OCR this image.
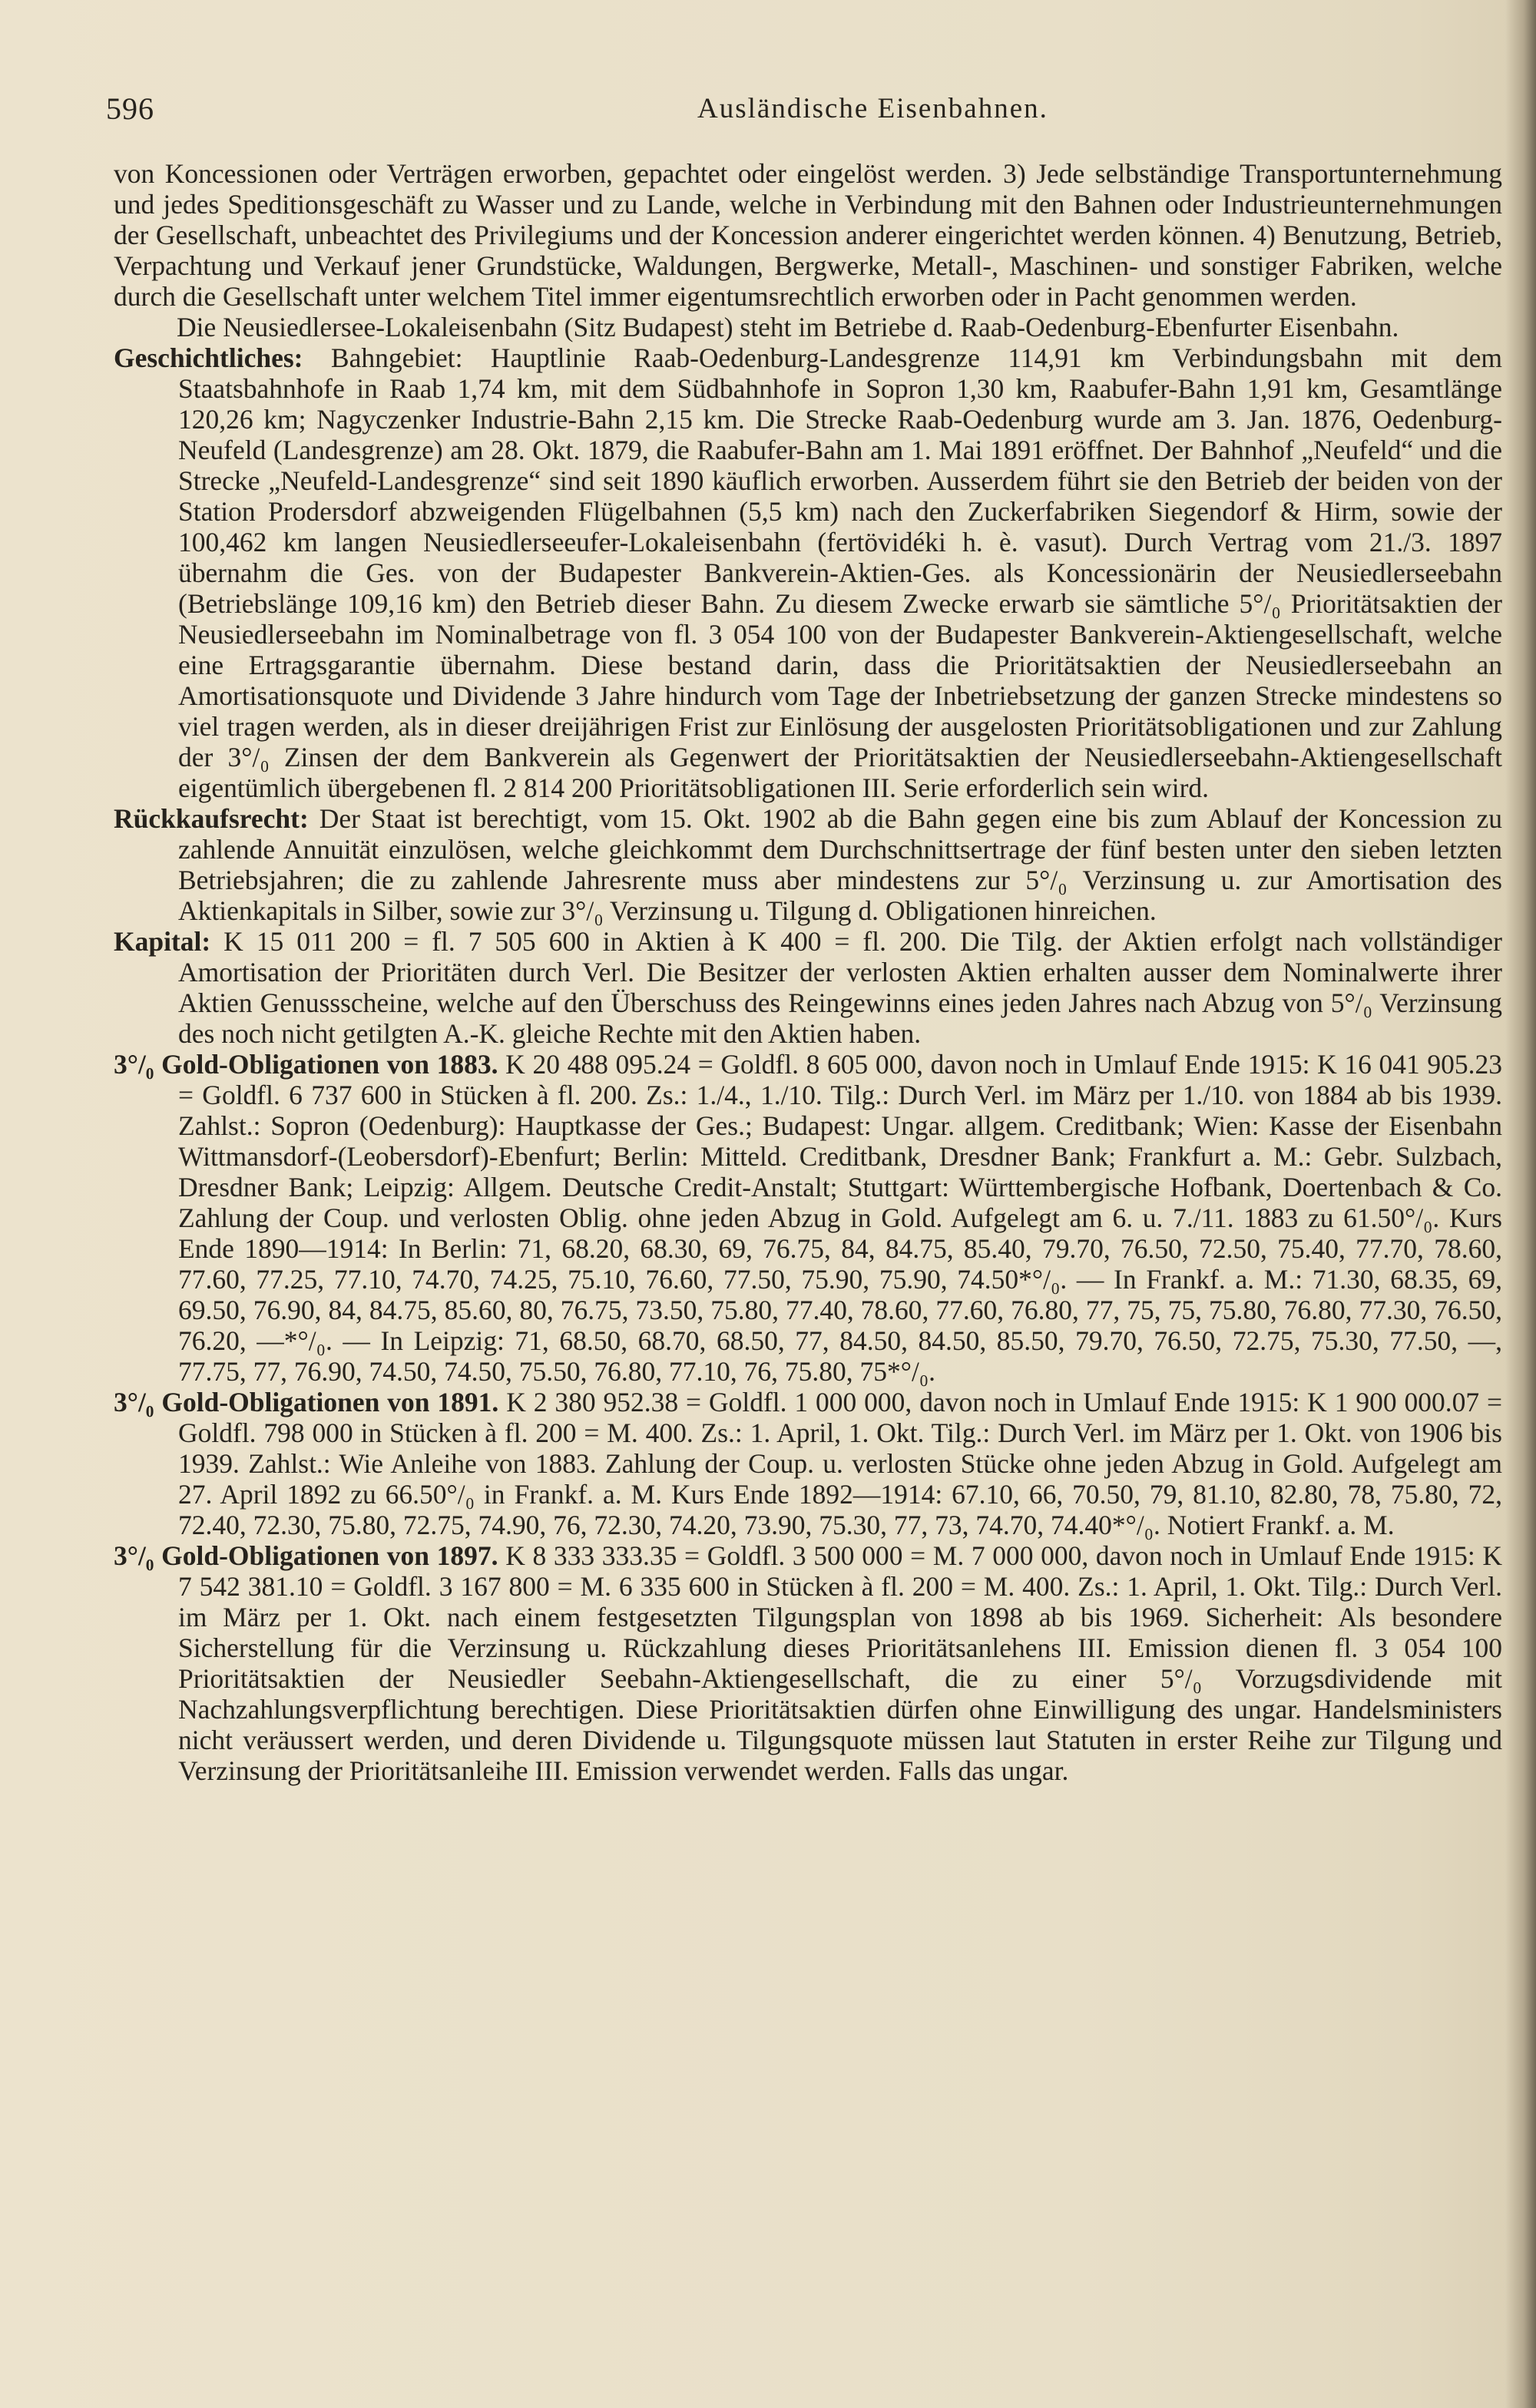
596	Ausländische Eisenbahnen.

von Koncessionen oder Verträgen erworben, gepachtet oder eingelöst werden. 3) Jede selbständige Transportunternehmung und jedes Speditionsgeschäft zu Wasser und zu Lande, welche in Verbindung mit den Bahnen oder Industrieunternehmungen der Gesellschaft, unbeachtet des Privilegiums und der Koncession anderer eingerichtet werden können. 4) Benutzung, Betrieb, Verpachtung und Verkauf jener Grundstücke, Waldungen, Bergwerke, Metall-, Maschinen- und sonstiger Fabriken, welche durch die Gesellschaft unter welchem Titel immer eigentumsrechtlich erworben oder in Pacht genommen werden.

Die Neusiedlersee-Lokaleisenbahn (Sitz Budapest) steht im Betriebe d. Raab-Oedenburg-Ebenfurter Eisenbahn.

Geschichtliches: Bahngebiet: Hauptlinie Raab-Oedenburg-Landesgrenze 114,91 km Verbindungsbahn mit dem Staatsbahnhofe in Raab 1,74 km, mit dem Südbahnhofe in Sopron 1,30 km, Raabufer-Bahn 1,91 km, Gesamtlänge 120,26 km; Nagyczenker Industrie-Bahn 2,15 km. Die Strecke Raab-Oedenburg wurde am 3. Jan. 1876, Oedenburg-Neufeld (Landesgrenze) am 28. Okt. 1879, die Raabufer-Bahn am 1. Mai 1891 eröffnet. Der Bahnhof „Neufeld“ und die Strecke „Neufeld-Landesgrenze“ sind seit 1890 käuflich erworben. Ausserdem führt sie den Betrieb der beiden von der Station Prodersdorf abzweigenden Flügelbahnen (5,5 km) nach den Zuckerfabriken Siegendorf & Hirm, sowie der 100,462 km langen Neusiedlerseeufer-Lokaleisenbahn (fertövidéki h. è. vasut). Durch Vertrag vom 21./3. 1897 übernahm die Ges. von der Budapester Bankverein-Aktien-Ges. als Koncessionärin der Neusiedlerseebahn (Betriebslänge 109,16 km) den Betrieb dieser Bahn. Zu diesem Zwecke erwarb sie sämtliche 5°/₀ Prioritätsaktien der Neusiedlerseebahn im Nominalbetrage von fl. 3 054 100 von der Budapester Bankverein-Aktiengesellschaft, welche eine Ertragsgarantie übernahm. Diese bestand darin, dass die Prioritätsaktien der Neusiedlerseebahn an Amortisationsquote und Dividende 3 Jahre hindurch vom Tage der Inbetriebsetzung der ganzen Strecke mindestens so viel tragen werden, als in dieser dreijährigen Frist zur Einlösung der ausgelosten Prioritätsobligationen und zur Zahlung der 3°/₀ Zinsen der dem Bankverein als Gegenwert der Prioritätsaktien der Neusiedlerseebahn-Aktiengesellschaft eigentümlich übergebenen fl. 2 814 200 Prioritätsobligationen III. Serie erforderlich sein wird.

Rückkaufsrecht: Der Staat ist berechtigt, vom 15. Okt. 1902 ab die Bahn gegen eine bis zum Ablauf der Koncession zu zahlende Annuität einzulösen, welche gleichkommt dem Durchschnittsertrage der fünf besten unter den sieben letzten Betriebsjahren; die zu zahlende Jahresrente muss aber mindestens zur 5°/₀ Verzinsung u. zur Amortisation des Aktienkapitals in Silber, sowie zur 3°/₀ Verzinsung u. Tilgung d. Obligationen hinreichen.

Kapital: K 15 011 200 = fl. 7 505 600 in Aktien à K 400 = fl. 200. Die Tilg. der Aktien erfolgt nach vollständiger Amortisation der Prioritäten durch Verl. Die Besitzer der verlosten Aktien erhalten ausser dem Nominalwerte ihrer Aktien Genussscheine, welche auf den Überschuss des Reingewinns eines jeden Jahres nach Abzug von 5°/₀ Verzinsung des noch nicht getilgten A.-K. gleiche Rechte mit den Aktien haben.

3°/₀ Gold-Obligationen von 1883. K 20 488 095.24 = Goldfl. 8 605 000, davon noch in Umlauf Ende 1915: K 16 041 905.23 = Goldfl. 6 737 600 in Stücken à fl. 200. Zs.: 1./4., 1./10. Tilg.: Durch Verl. im März per 1./10. von 1884 ab bis 1939. Zahlst.: Sopron (Oedenburg): Hauptkasse der Ges.; Budapest: Ungar. allgem. Creditbank; Wien: Kasse der Eisenbahn Wittmansdorf-(Leobersdorf)-Ebenfurt; Berlin: Mitteld. Creditbank, Dresdner Bank; Frankfurt a. M.: Gebr. Sulzbach, Dresdner Bank; Leipzig: Allgem. Deutsche Credit-Anstalt; Stuttgart: Württembergische Hofbank, Doertenbach & Co. Zahlung der Coup. und verlosten Oblig. ohne jeden Abzug in Gold. Aufgelegt am 6. u. 7./11. 1883 zu 61.50°/₀. Kurs Ende 1890—1914: In Berlin: 71, 68.20, 68.30, 69, 76.75, 84, 84.75, 85.40, 79.70, 76.50, 72.50, 75.40, 77.70, 78.60, 77.60, 77.25, 77.10, 74.70, 74.25, 75.10, 76.60, 77.50, 75.90, 75.90, 74.50*°/₀. — In Frankf. a. M.: 71.30, 68.35, 69, 69.50, 76.90, 84, 84.75, 85.60, 80, 76.75, 73.50, 75.80, 77.40, 78.60, 77.60, 76.80, 77, 75, 75, 75.80, 76.80, 77.30, 76.50, 76.20, —*°/₀. — In Leipzig: 71, 68.50, 68.70, 68.50, 77, 84.50, 84.50, 85.50, 79.70, 76.50, 72.75, 75.30, 77.50, —, 77.75, 77, 76.90, 74.50, 74.50, 75.50, 76.80, 77.10, 76, 75.80, 75*°/₀.

3°/₀ Gold-Obligationen von 1891. K 2 380 952.38 = Goldfl. 1 000 000, davon noch in Umlauf Ende 1915: K 1 900 000.07 = Goldfl. 798 000 in Stücken à fl. 200 = M. 400. Zs.: 1. April, 1. Okt. Tilg.: Durch Verl. im März per 1. Okt. von 1906 bis 1939. Zahlst.: Wie Anleihe von 1883. Zahlung der Coup. u. verlosten Stücke ohne jeden Abzug in Gold. Aufgelegt am 27. April 1892 zu 66.50°/₀ in Frankf. a. M. Kurs Ende 1892—1914: 67.10, 66, 70.50, 79, 81.10, 82.80, 78, 75.80, 72, 72.40, 72.30, 75.80, 72.75, 74.90, 76, 72.30, 74.20, 73.90, 75.30, 77, 73, 74.70, 74.40*°/₀. Notiert Frankf. a. M.

3°/₀ Gold-Obligationen von 1897. K 8 333 333.35 = Goldfl. 3 500 000 = M. 7 000 000, davon noch in Umlauf Ende 1915: K 7 542 381.10 = Goldfl. 3 167 800 = M. 6 335 600 in Stücken à fl. 200 = M. 400. Zs.: 1. April, 1. Okt. Tilg.: Durch Verl. im März per 1. Okt. nach einem festgesetzten Tilgungsplan von 1898 ab bis 1969. Sicherheit: Als besondere Sicherstellung für die Verzinsung u. Rückzahlung dieses Prioritätsanlehens III. Emission dienen fl. 3 054 100 Prioritätsaktien der Neusiedler Seebahn-Aktiengesellschaft, die zu einer 5°/₀ Vorzugsdividende mit Nachzahlungsverpflichtung berechtigen. Diese Prioritätsaktien dürfen ohne Einwilligung des ungar. Handelsministers nicht veräussert werden, und deren Dividende u. Tilgungsquote müssen laut Statuten in erster Reihe zur Tilgung und Verzinsung der Prioritätsanleihe III. Emission verwendet werden. Falls das ungar.
